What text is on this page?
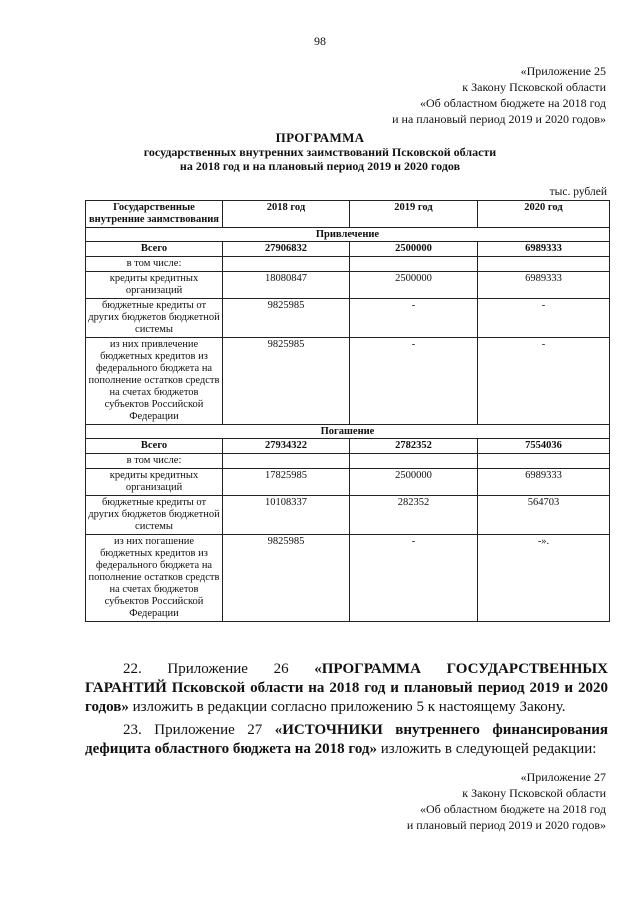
98
«Приложение 25
к Закону Псковской области
«Об областном бюджете на 2018 год
и на плановый период 2019 и 2020 годов»
ПРОГРАММА
государственных внутренних заимствований Псковской области
на 2018 год и на плановый период 2019 и 2020 годов
тыс. рублей
Государственные внутренние заимствования	2018 год	2019 год	2020 год
Привлечение			
Всего	27906832	2500000	6989333
в том числе:			
кредиты кредитных организаций	18080847	2500000	6989333
бюджетные кредиты от других бюджетов бюджетной системы	9825985	-	-
из них привлечение бюджетных кредитов из федерального бюджета на пополнение остатков средств на счетах бюджетов субъектов Российской Федерации	9825985	-	-
Погашение			
Всего	27934322	2782352	7554036
в том числе:			
кредиты кредитных организаций	17825985	2500000	6989333
бюджетные кредиты от других бюджетов бюджетной системы	10108337	282352	564703
из них погашение бюджетных кредитов из федерального бюджета на пополнение остатков средств на счетах бюджетов субъектов Российской Федерации	9825985	-	-».
22. Приложение 26 «ПРОГРАММА ГОСУДАРСТВЕННЫХ
ГАРАНТИЙ Псковской области на 2018 год и плановый период 2019 и 2020 годов» изложить в редакции согласно приложению 5 к настоящему Закону.
23. Приложение 27 «ИСТОЧНИКИ внутреннего финансирования дефицита областного бюджета на 2018 год» изложить в следующей редакции:
«Приложение 27
к Закону Псковской области
«Об областном бюджете на 2018 год
и плановый период 2019 и 2020 годов»
